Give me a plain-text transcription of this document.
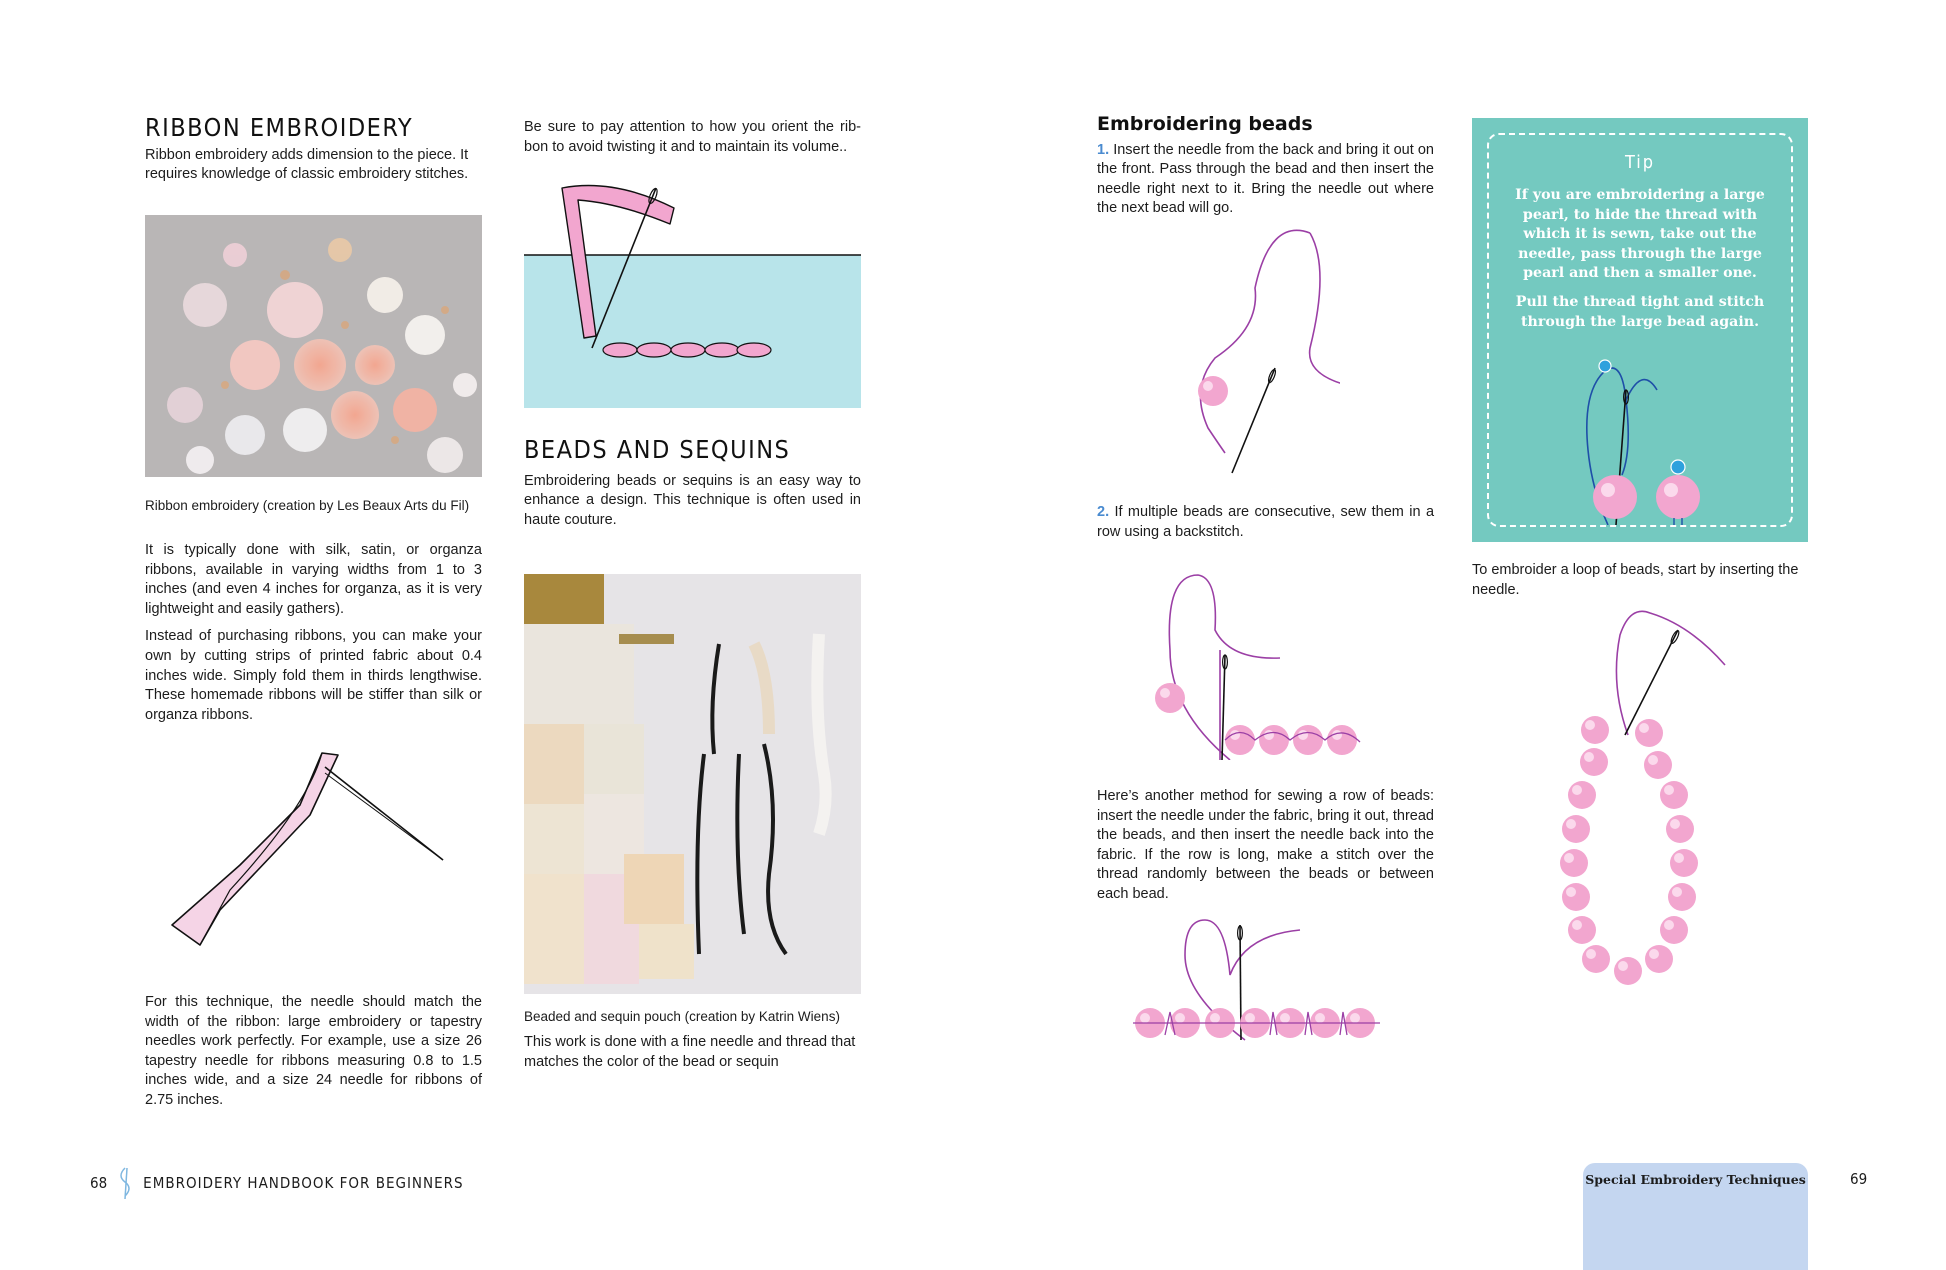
RIBBON EMBROIDERY

Ribbon embroidery adds dimension to the piece. It requires knowledge of classic embroidery stitches.

Ribbon embroidery (creation by Les Beaux Arts du Fil)

It is typically done with silk, satin, or organza ribbons, available in varying widths from 1 to 3 inches (and even 4 inches for organza, as it is very lightweight and easily gathers).

Instead of purchasing ribbons, you can make your own by cutting strips of printed fabric about 0.4 inches wide. Simply fold them in thirds lengthwise. These homemade ribbons will be stiffer than silk or organza ribbons.

For this technique, the needle should match the width of the ribbon: large embroidery or tapestry needles work perfectly. For example, use a size 26 tapestry needle for ribbons measuring 0.8 to 1.5 inches wide, and a size 24 needle for ribbons of 2.75 inches.

Be sure to pay attention to how you orient the rib-bon to avoid twisting it and to maintain its volume..
BEADS AND SEQUINS

Embroidering beads or sequins is an easy way to enhance a design. This technique is often used in haute couture.

Beaded and sequin pouch (creation by Katrin Wiens)
This work is done with a fine needle and thread that matches the color of the bead or sequin
68 EMBROIDERY HANDBOOK FOR BEGINNERS
Embroidering beads

1. Insert the needle from the back and bring it out on the front. Pass through the bead and then insert the needle right next to it. Bring the needle out where the next bead will go.

2. If multiple beads are consecutive, sew them in a row using a backstitch.
Here’s another method for sewing a row of beads: insert the needle under the fabric, bring it out, thread the beads, and then insert the needle back into the fabric. If the row is long, make a stitch over the thread randomly between the beads or between each bead.
Tip

If you are embroidering a large pearl, to hide the thread with which it is sewn, take out the needle, pass through the large pearl and then a smaller one.

Pull the thread tight and stitch through the large bead again.

To embroider a loop of beads, start by inserting the needle.
Special Embroidery Techniques	69
